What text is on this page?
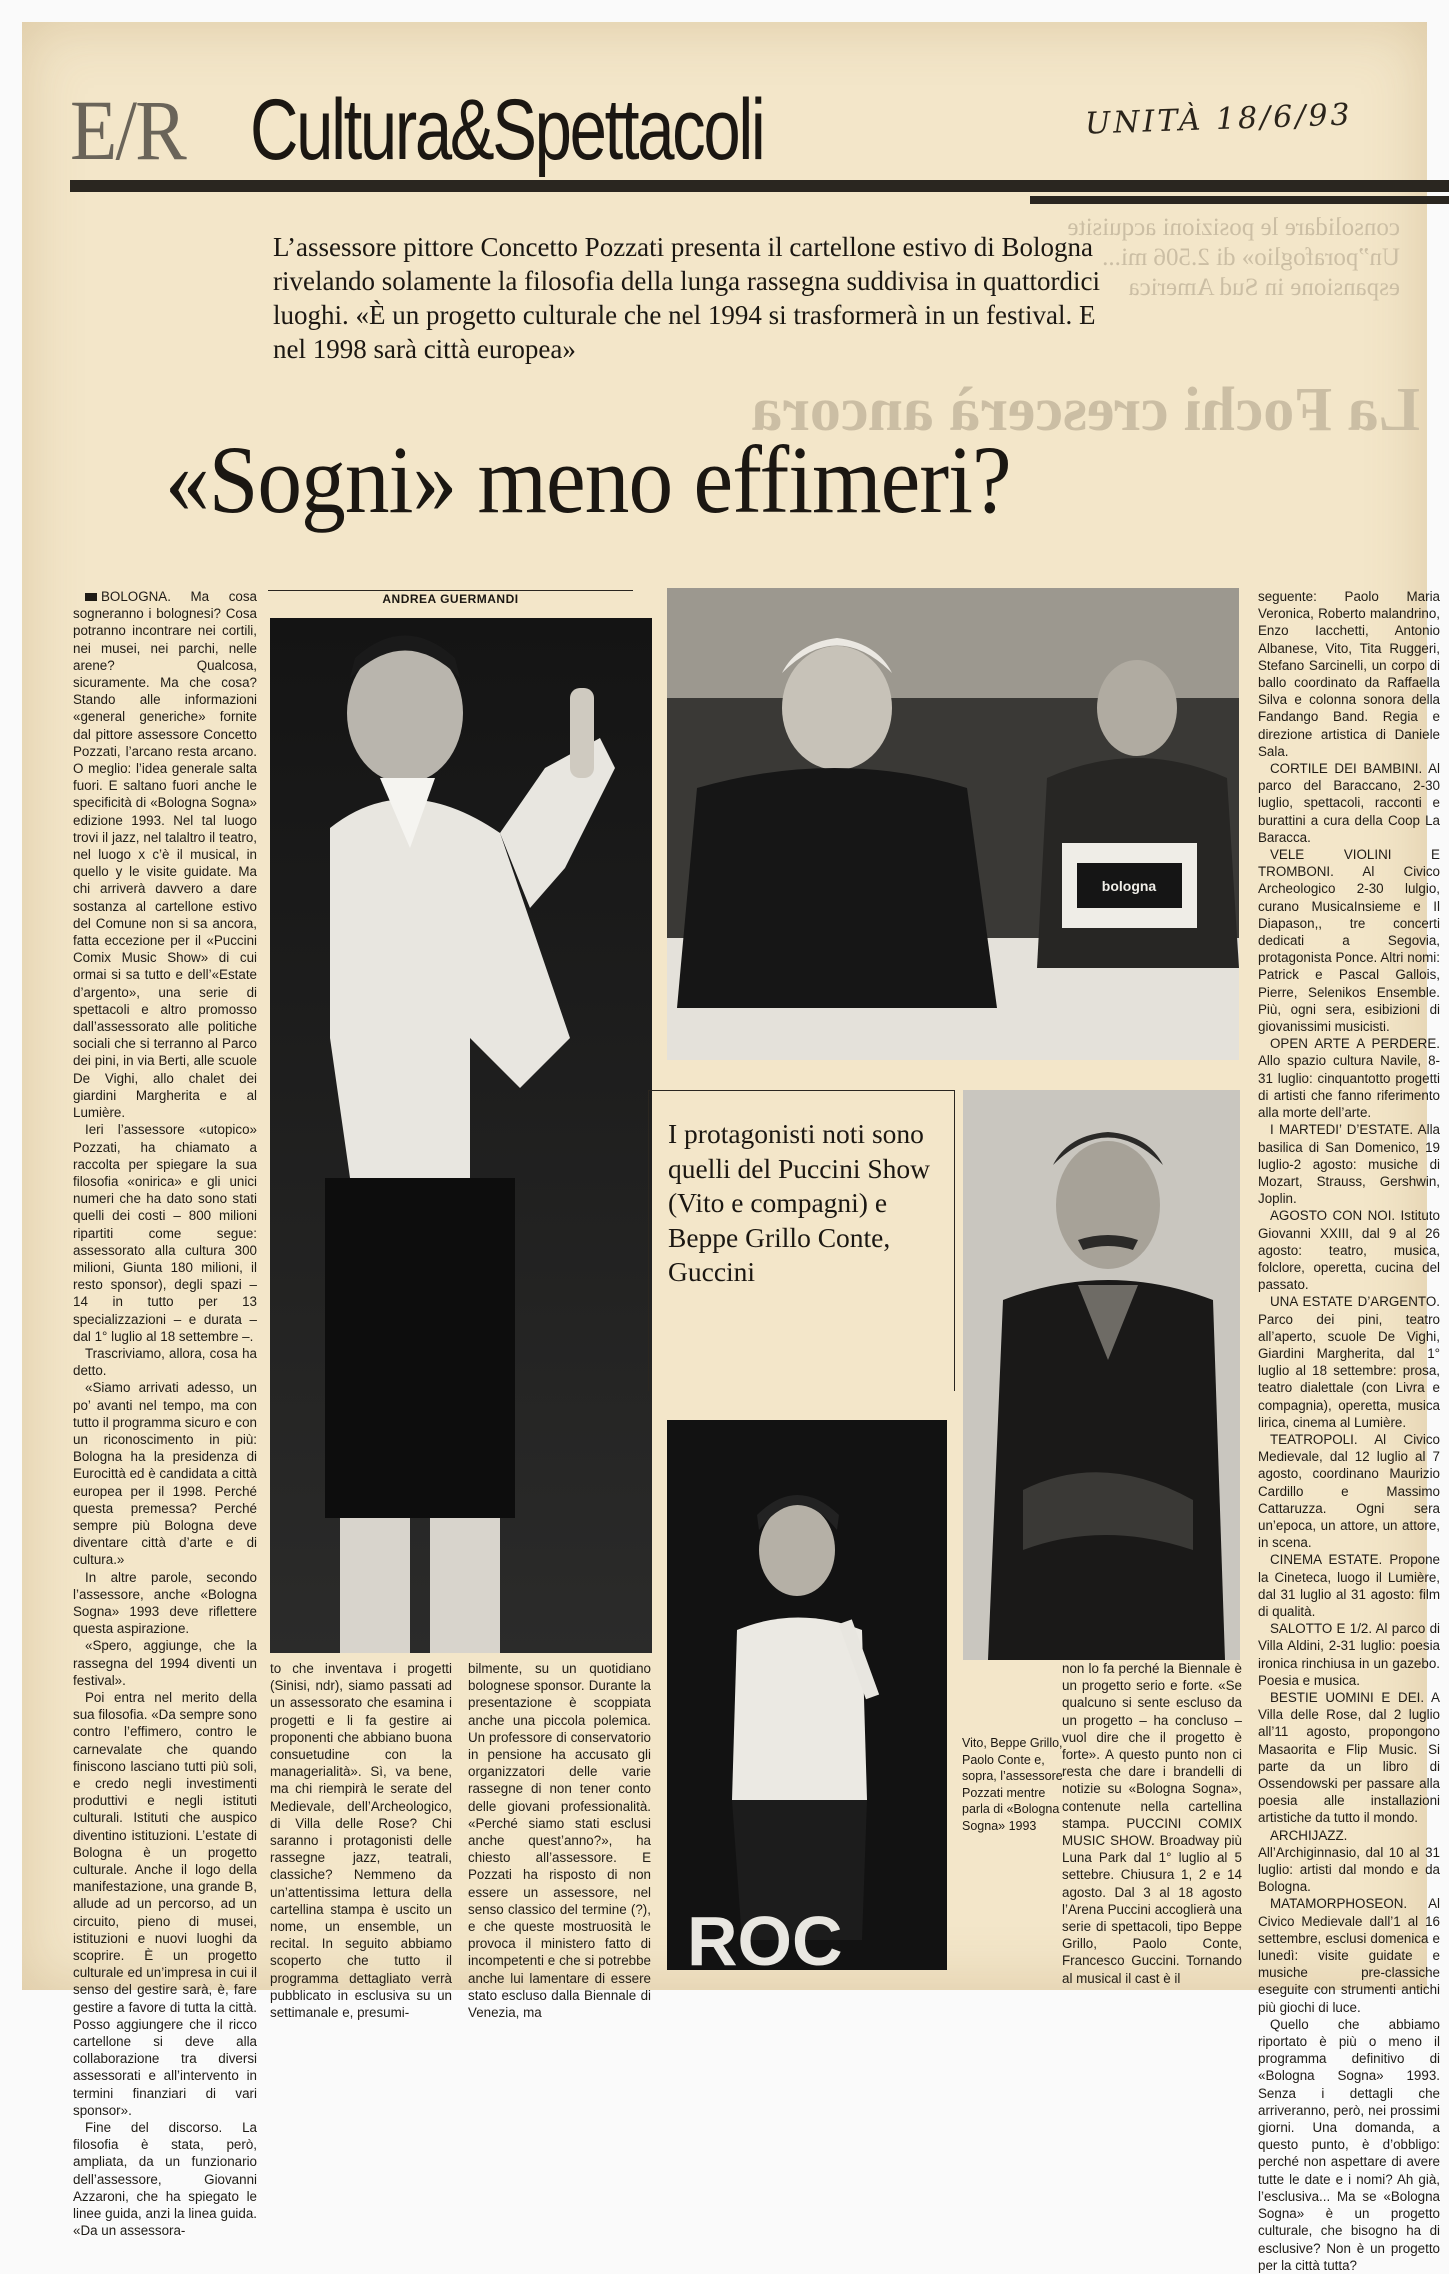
consolidare le posizioni acquisite
Unˮporafoglio» di 2.506 mi...
espansione in Sud America
La Fochi crescerà ancora
E/R Cultura&Spettacoli	UNITÀ 18/6/93
L’assessore pittore Concetto Pozzati presenta il cartellone estivo di Bologna rivelando solamente la filosofia della lunga rassegna suddivisa in quattordici luoghi. «È un progetto culturale che nel 1994 si trasformerà in un festival. E nel 1998 sarà città europea»
«Sogni» meno effimeri?

BOLOGNA. Ma cosa sogneranno i bolognesi? Cosa potranno incontrare nei cortili, nei musei, nei parchi, nelle arene? Qualcosa, sicuramente. Ma che cosa? Stando alle informazioni «general generiche» fornite dal pittore assessore Concetto Pozzati, l’arcano resta arcano. O meglio: l’idea generale salta fuori. E saltano fuori anche le specificità di «Bologna Sogna» edizione 1993. Nel tal luogo trovi il jazz, nel talaltro il teatro, nel luogo x c’è il musical, in quello y le visite guidate. Ma chi arriverà davvero a dare sostanza al cartellone estivo del Comune non si sa ancora, fatta eccezione per il «Puccini Comix Music Show» di cui ormai si sa tutto e dell’«Estate d’argento», una serie di spettacoli e altro promosso dall’assessorato alle politiche sociali che si terranno al Parco dei pini, in via Berti, alle scuole De Vighi, allo chalet dei giardini Margherita e al Lumière.

Ieri l’assessore «utopico» Pozzati, ha chiamato a raccolta per spiegare la sua filosofia «onirica» e gli unici numeri che ha dato sono stati quelli dei costi – 800 milioni ripartiti come segue: assessorato alla cultura 300 milioni, Giunta 180 milioni, il resto sponsor), degli spazi – 14 in tutto per 13 specializzazioni – e durata – dal 1° luglio al 18 settembre –.

Trascriviamo, allora, cosa ha detto.

«Siamo arrivati adesso, un po’ avanti nel tempo, ma con tutto il programma sicuro e con un riconoscimento in più: Bologna ha la presidenza di Eurocittà ed è candidata a città europea per il 1998. Perché questa premessa? Perché sempre più Bologna deve diventare città d’arte e di cultura.»

In altre parole, secondo l’assessore, anche «Bologna Sogna» 1993 deve riflettere questa aspirazione.

«Spero, aggiunge, che la rassegna del 1994 diventi un festival».

Poi entra nel merito della sua filosofia. «Da sempre sono contro l’effimero, contro le carnevalate che quando finiscono lasciano tutti più soli, e credo negli investimenti produttivi e negli istituti culturali. Istituti che auspico diventino istituzioni. L’estate di Bologna è un progetto culturale. Anche il logo della manifestazione, una grande B, allude ad un percorso, ad un circuito, pieno di musei, istituzioni e nuovi luoghi da scoprire. È un progetto culturale ed un’impresa in cui il senso del gestire sarà, è, fare gestire a favore di tutta la città. Posso aggiungere che il ricco cartellone si deve alla collaborazione tra diversi assessorati e all’intervento in termini finanziari di vari sponsor».

Fine del discorso. La filosofia è stata, però, ampliata, da un funzionario dell’assessore, Giovanni Azzaroni, che ha spiegato le linee guida, anzi la linea guida. «Da un assessora-

ANDREA GUERMANDI
bologna

seguente: Paolo Maria Veronica, Roberto malandrino, Enzo Iacchetti, Antonio Albanese, Vito, Tita Ruggeri, Stefano Sarcinelli, un corpo di ballo coordinato da Raffaella Silva e colonna sonora della Fandango Band. Regia e direzione artistica di Daniele Sala.

CORTILE DEI BAMBINI. Al parco del Baraccano, 2-30 luglio, spettacoli, racconti e burattini a cura della Coop La Baracca.

VELE VIOLINI E TROMBONI. Al Civico Archeologico 2-30 lulgio, curano MusicaInsieme e Il Diapason,, tre concerti dedicati a Segovia, protagonista Ponce. Altri nomi: Patrick e Pascal Gallois, Pierre, Selenikos Ensemble. Più, ogni sera, esibizioni di giovanissimi musicisti.

OPEN ARTE A PERDERE. Allo spazio cultura Navile, 8-31 luglio: cinquantotto progetti di artisti che fanno riferimento alla morte dell’arte.

I MARTEDI’ D’ESTATE. Alla basilica di San Domenico, 19 luglio-2 agosto: musiche di Mozart, Strauss, Gershwin, Joplin.

AGOSTO CON NOI. Istituto Giovanni XXIII, dal 9 al 26 agosto: teatro, musica, folclore, operetta, cucina del passato.

UNA ESTATE D’ARGENTO. Parco dei pini, teatro all’aperto, scuole De Vighi, Giardini Margherita, dal 1° luglio al 18 settembre: prosa, teatro dialettale (con Livra e compagnia), operetta, musica lirica, cinema al Lumière.

TEATROPOLI. Al Civico Medievale, dal 12 luglio al 7 agosto, coordinano Maurizio Cardillo e Massimo Cattaruzza. Ogni sera un’epoca, un attore, un attore, in scena.

CINEMA ESTATE. Propone la Cineteca, luogo il Lumière, dal 31 luglio al 31 agosto: film di qualità.

SALOTTO E 1/2. Al parco di Villa Aldini, 2-31 luglio: poesia ironica rinchiusa in un gazebo. Poesia e musica.

BESTIE UOMINI E DEI. A Villa delle Rose, dal 2 luglio all’11 agosto, propongono Masaorita e Flip Music. Si parte da un libro di Ossendowski per passare alla poesia alle installazioni artistiche da tutto il mondo.

ARCHIJAZZ. All’Archiginnasio, dal 10 al 31 luglio: artisti dal mondo e da Bologna.

MATAMORPHOSEON. Al Civico Medievale dall’1 al 16 settembre, esclusi domenica e lunedì: visite guidate e musiche pre-classiche eseguite con strumenti antichi più giochi di luce.

Quello che abbiamo riportato è più o meno il programma definitivo di «Bologna Sogna» 1993. Senza i dettagli che arriveranno, però, nei prossimi giorni. Una domanda, a questo punto, è d’obbligo: perché non aspettare di avere tutte le date e i nomi? Ah già, l’esclusiva... Ma se «Bologna Sogna» è un progetto culturale, che bisogno ha di esclusive? Non è un progetto per la città tutta?

I protagonisti noti sono quelli del Puccini Show (Vito e compagni) e Beppe Grillo Conte, Guccini
ROC
Vito, Beppe Grillo, Paolo Conte e, sopra, l’assessore Pozzati mentre parla di «Bologna Sogna» 1993

to che inventava i progetti (Sinisi, ndr), siamo passati ad un assessorato che esamina i progetti e li fa gestire ai proponenti che abbiano buona consuetudine con la managerialità». Sì, va bene, ma chi riempirà le serate del Medievale, dell’Archeologico, di Villa delle Rose? Chi saranno i protagonisti delle rassegne jazz, teatrali, classiche? Nemmeno da un’attentissima lettura della cartellina stampa è uscito un nome, un ensemble, un recital. In seguito abbiamo scoperto che tutto il programma dettagliato verrà pubblicato in esclusiva su un settimanale e, presumi-

bilmente, su un quotidiano bolognese sponsor. Durante la presentazione è scoppiata anche una piccola polemica. Un professore di conservatorio in pensione ha accusato gli organizzatori delle varie rassegne di non tener conto delle giovani professionalità. «Perché siamo stati esclusi anche quest’anno?», ha chiesto all’assessore. E Pozzati ha risposto di non essere un assessore, nel senso classico del termine (?), e che queste mostruosità le provoca il ministero fatto di incompetenti e che si potrebbe anche lui lamentare di essere stato escluso dalla Biennale di Venezia, ma

non lo fa perché la Biennale è un progetto serio e forte. «Se qualcuno si sente escluso da un progetto – ha concluso – vuol dire che il progetto è forte». A questo punto non ci resta che dare i brandelli di notizie su «Bologna Sogna», contenute nella cartellina stampa. PUCCINI COMIX MUSIC SHOW. Broadway più Luna Park dal 1° luglio al 5 settebre. Chiusura 1, 2 e 14 agosto. Dal 3 al 18 agosto l’Arena Puccini accoglierà una serie di spettacoli, tipo Beppe Grillo, Paolo Conte, Francesco Guccini. Tornando al musical il cast è il
